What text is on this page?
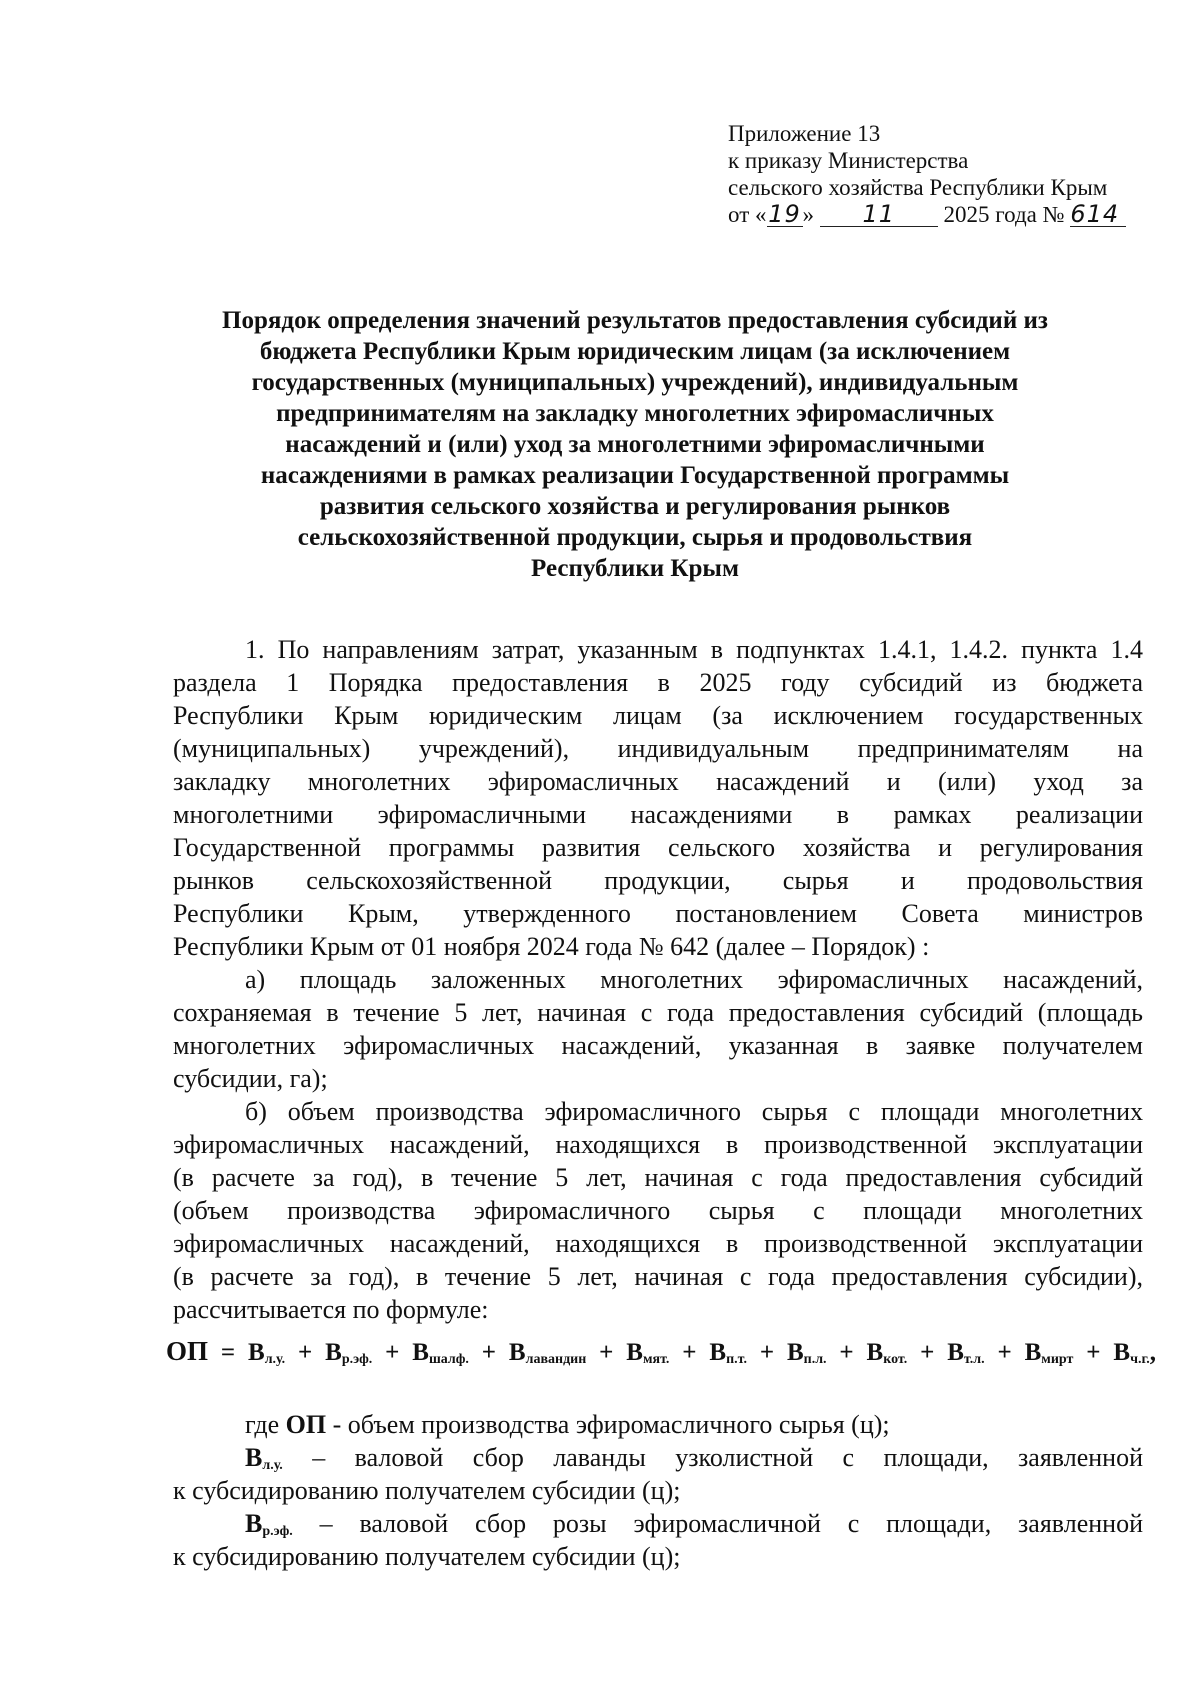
Приложение 13
к приказу Министерства
сельского хозяйства Республики Крым
от «19» 11 2025 года № 614
Порядок определения значений результатов предоставления субсидий из
бюджета Республики Крым юридическим лицам (за исключением
государственных (муниципальных) учреждений), индивидуальным
предпринимателям на закладку многолетних эфиромасличных
насаждений и (или) уход за многолетними эфиромасличными
насаждениями в рамках реализации Государственной программы
развития сельского хозяйства и регулирования рынков
сельскохозяйственной продукции, сырья и продовольствия
Республики Крым
1. По направлениям затрат, указанным в подпунктах 1.4.1, 1.4.2. пункта 1.4
раздела 1 Порядка предоставления в 2025 году субсидий из бюджета
Республики Крым юридическим лицам (за исключением государственных
(муниципальных) учреждений), индивидуальным предпринимателям на
закладку многолетних эфиромасличных насаждений и (или) уход за
многолетними эфиромасличными насаждениями в рамках реализации
Государственной программы развития сельского хозяйства и регулирования
рынков сельскохозяйственной продукции, сырья и продовольствия
Республики Крым, утвержденного постановлением Совета министров
Республики Крым от 01 ноября 2024 года № 642 (далее – Порядок) :
а) площадь заложенных многолетних эфиромасличных насаждений,
сохраняемая в течение 5 лет, начиная с года предоставления субсидий (площадь
многолетних эфиромасличных насаждений, указанная в заявке получателем
субсидии, га);
б) объем производства эфиромасличного сырья с площади многолетних
эфиромасличных насаждений, находящихся в производственной эксплуатации
(в расчете за год), в течение 5 лет, начиная с года предоставления субсидий
(объем производства эфиромасличного сырья с площади многолетних
эфиромасличных насаждений, находящихся в производственной эксплуатации
(в расчете за год), в течение 5 лет, начиная с года предоставления субсидии),
рассчитывается по формуле:
ОП = $В_{л.у.} + В_{р.эф.} + В_{шалф.} + В_{лавандин} + В_{мят.} + В_{п.т.} + В_{п.л.} + В_{кот.} + В_{т.л.} + В_{мирт} + В_{ч.г.}$,
где ОП - объем производства эфиромасличного сырья (ц);
$В_{л.у.}$ – валовой сбор лаванды узколистной с площади, заявленной
к субсидированию получателем субсидии (ц);
$В_{р.эф.}$ – валовой сбор розы эфиромасличной с площади, заявленной
к субсидированию получателем субсидии (ц);
